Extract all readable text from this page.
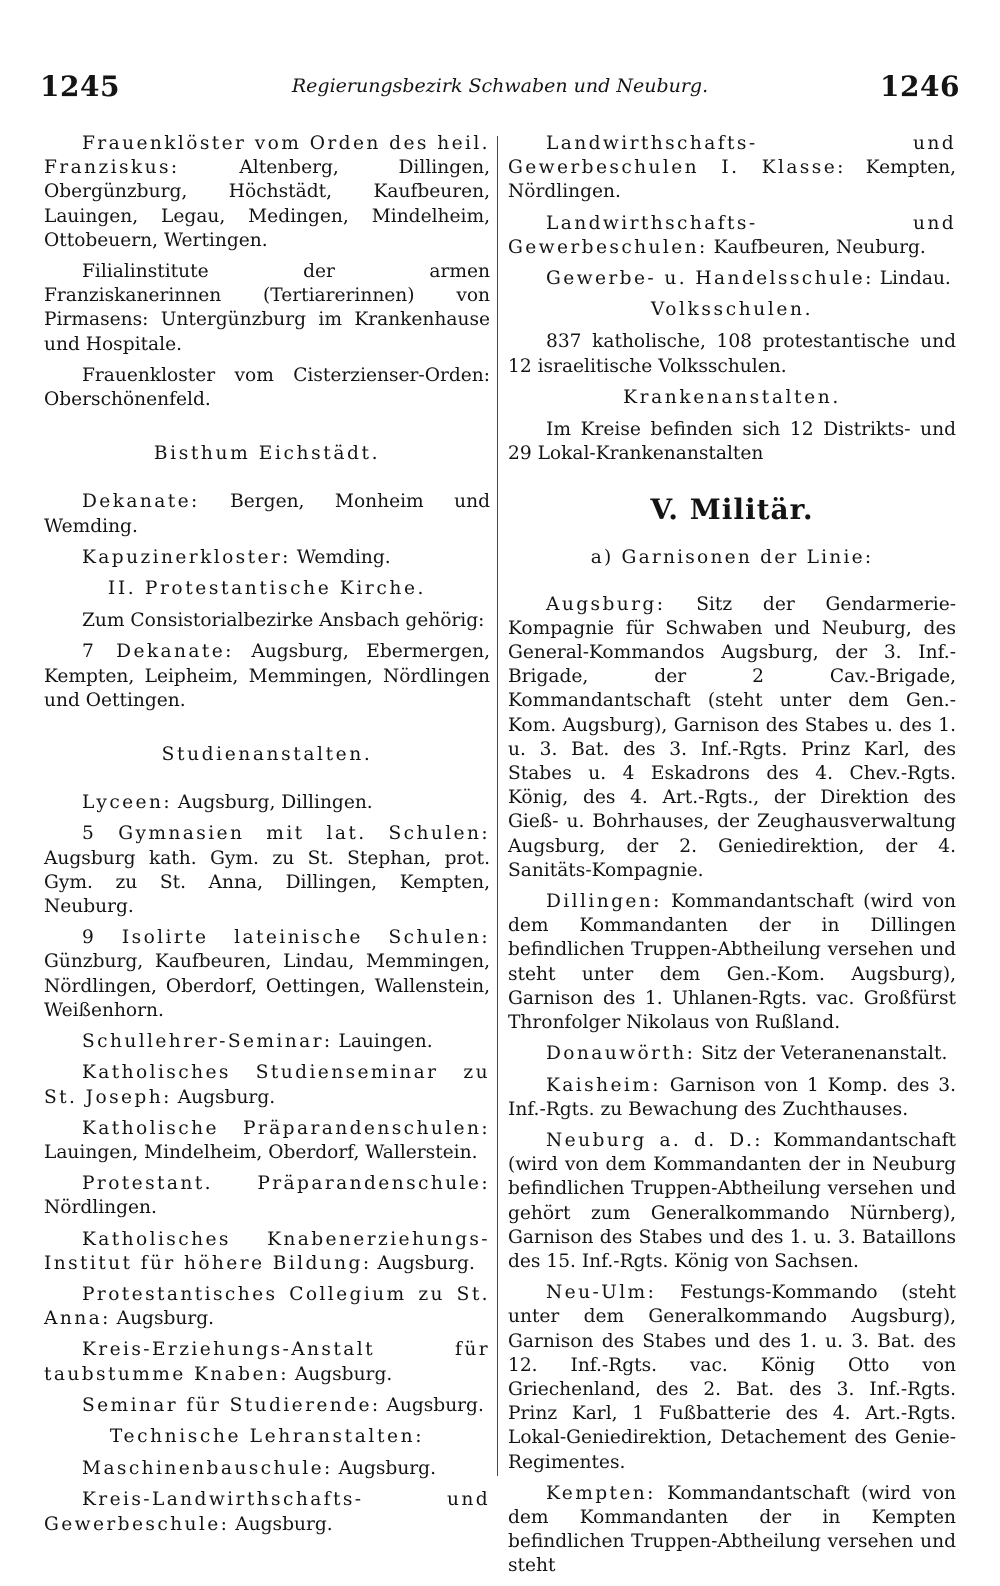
1245	Regierungsbezirk Schwaben und Neuburg.	1246

Frauenklöster vom Orden des heil. Franziskus:	Altenberg, Dillingen, Obergünzburg, Höchstädt, Kaufbeuren, Lauingen, Legau, Medingen, Mindelheim, Ottobeuern, Wertingen.

Filialinstitute der armen Franziskanerinnen (Tertiarerinnen) von Pirmasens: Untergünzburg im Krankenhause und Hospitale.

Frauenkloster vom Cisterzienser-Orden: Oberschönenfeld.

Bisthum Eichstädt.

Dekanate: Bergen, Monheim und Wemding.

Kapuzinerkloster: Wemding.

II. Protestantische Kirche.

Zum Consistorialbezirke Ansbach gehörig:

7 Dekanate: Augsburg, Ebermergen, Kempten, Leipheim, Memmingen, Nördlingen und Oettingen.

Studienanstalten.

Lyceen: Augsburg, Dillingen.

5 Gymnasien mit lat. Schulen: Augsburg kath. Gym. zu St. Stephan, prot. Gym. zu St. Anna, Dillingen, Kempten, Neuburg.

9 Isolirte lateinische Schulen: Günzburg, Kaufbeuren, Lindau, Memmingen, Nördlingen, Oberdorf, Oettingen, Wallenstein, Weißenhorn.

Schullehrer-Seminar: Lauingen.

Katholisches Studienseminar zu St. Joseph: Augsburg.

Katholische Präparandenschulen: Lauingen, Mindelheim, Oberdorf, Wallerstein.

Protestant. Präparandenschule: Nördlingen.

Katholisches Knabenerziehungs-Institut für höhere Bildung: Augsburg.

Protestantisches Collegium zu St. Anna: Augsburg.

Kreis-Erziehungs-Anstalt für taubstumme Knaben: Augsburg.

Seminar für Studierende: Augsburg.

Technische Lehranstalten:

Maschinenbauschule: Augsburg.

Kreis-Landwirthschafts- und Gewerbeschule: Augsburg.

Landwirthschafts- und Gewerbeschulen I. Klasse: Kempten, Nördlingen.

Landwirthschafts- und Gewerbeschulen: Kaufbeuren, Neuburg.

Gewerbe- u. Handelsschule: Lindau.

Volksschulen.

837 katholische, 108 protestantische und 12 israelitische Volksschulen.

Krankenanstalten.

Im Kreise befinden sich 12 Distrikts- und 29 Lokal-Krankenanstalten

V. Militär.
a) Garnisonen der Linie:

Augsburg: Sitz der Gendarmerie-Kompagnie für Schwaben und Neuburg, des General-Kommandos Augsburg, der 3. Inf.-Brigade, der 2 Cav.-Brigade, Kommandantschaft (steht unter dem Gen.-Kom. Augsburg), Garnison des Stabes u. des 1. u. 3. Bat. des 3. Inf.-Rgts. Prinz Karl, des Stabes u. 4 Eskadrons des 4. Chev.-Rgts. König, des 4. Art.-Rgts., der Direktion des Gieß- u. Bohrhauses, der Zeughausverwaltung Augsburg, der 2. Geniedirektion, der 4. Sanitäts-Kompagnie.

Dillingen: Kommandantschaft (wird von dem Kommandanten der in Dillingen befindlichen Truppen-Abtheilung versehen und steht unter dem Gen.-Kom. Augsburg), Garnison des 1. Uhlanen-Rgts. vac. Großfürst Thronfolger Nikolaus von Rußland.

Donauwörth: Sitz der Veteranenanstalt.

Kaisheim: Garnison von 1 Komp. des 3. Inf.-Rgts. zu Bewachung des Zuchthauses.

Neuburg a. d. D.: Kommandantschaft (wird von dem Kommandanten der in Neuburg befindlichen Truppen-Abtheilung versehen und gehört zum Generalkommando Nürnberg), Garnison des Stabes und des 1. u. 3. Bataillons des 15. Inf.-Rgts. König von Sachsen.

Neu-Ulm: Festungs-Kommando (steht unter dem Generalkommando Augsburg), Garnison des Stabes und des 1. u. 3. Bat. des 12. Inf.-Rgts. vac. König Otto von Griechenland, des 2. Bat. des 3. Inf.-Rgts. Prinz Karl, 1 Fußbatterie des 4. Art.-Rgts. Lokal-Geniedirektion, Detachement des Genie-Regimentes.

Kempten: Kommandantschaft (wird von dem Kommandanten der in Kempten befindlichen Truppen-Abtheilung versehen und steht
